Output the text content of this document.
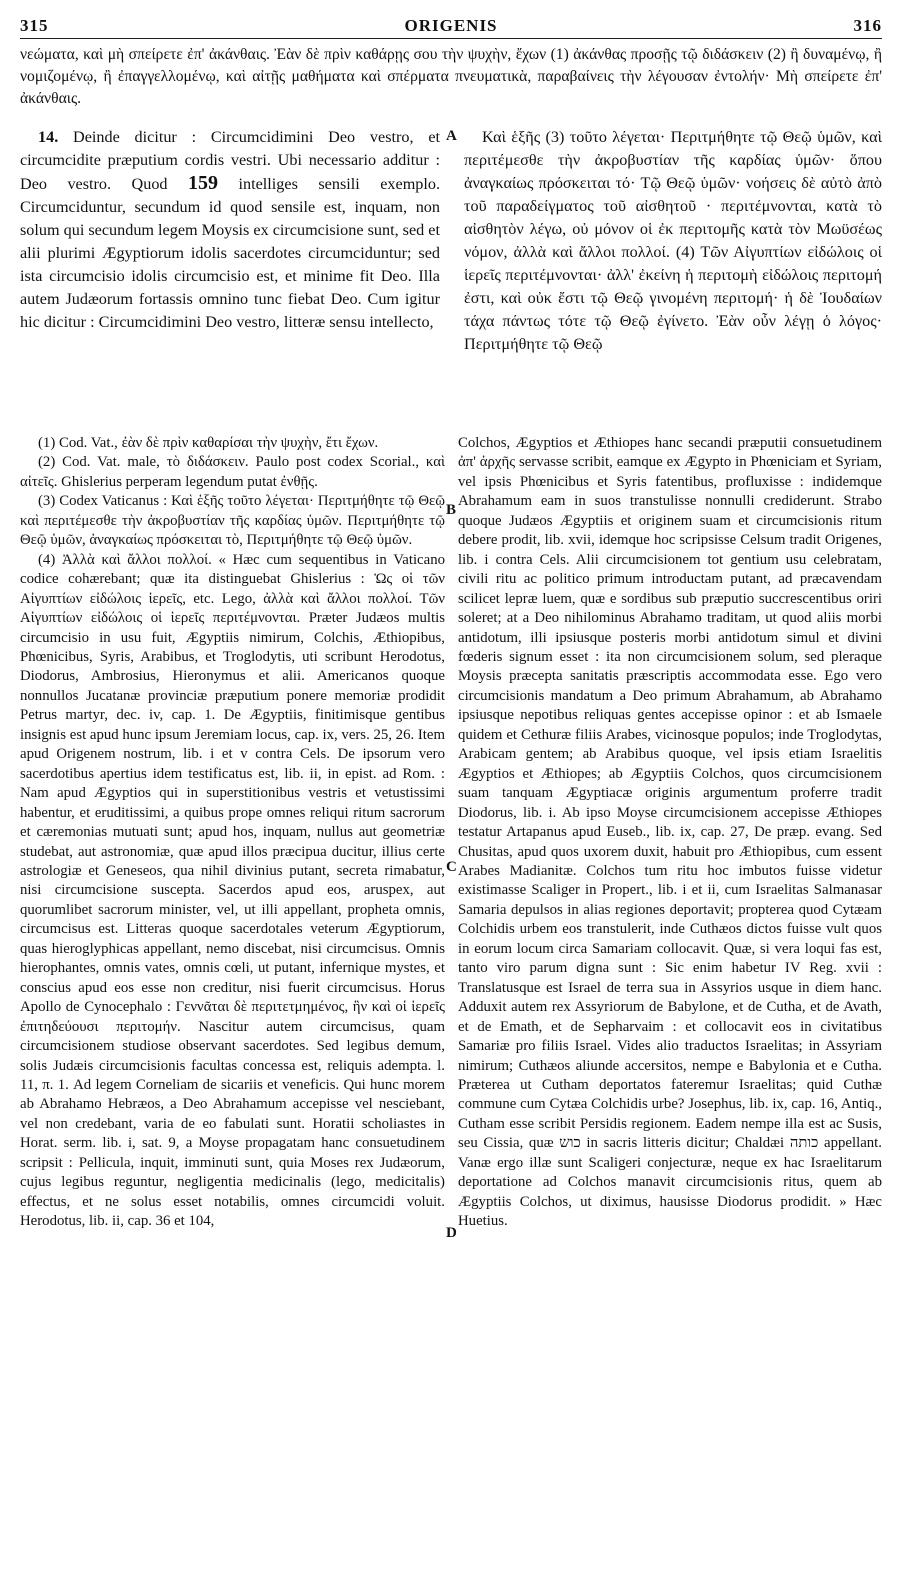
315	ORIGENIS	316

νεώματα, καὶ μὴ σπείρετε ἐπ' ἀκάνθαις. Ἐὰν δὲ πρὶν καθάρῃς σου τὴν ψυχὴν, ἔχων (1) ἀκάνθας προσῇς τῷ διδάσκειν (2) ἢ δυναμένῳ, ἢ νομιζομένῳ, ἢ ἐπαγγελλομένῳ, καὶ αἰτῇς μαθήματα καὶ σπέρματα πνευματικὰ, παραβαίνεις τὴν λέγουσαν ἐντολήν· Μὴ σπείρετε ἐπ' ἀκάνθαις.

14. Deinde dicitur : Circumcidimini Deo vestro, et circumcidite præputium cordis vestri. Ubi necessario additur : Deo vestro. Quod 159 intelliges sensili exemplo. Circumciduntur, secundum id quod sensile est, inquam, non solum qui secundum legem Moysis ex circumcisione sunt, sed et alii plurimi Ægyptiorum idolis sacerdotes circumciduntur; sed ista circumcisio idolis circumcisio est, et minime fit Deo. Illa autem Judæorum fortassis omnino tunc fiebat Deo. Cum igitur hic dicitur : Circumcidimini Deo vestro, litteræ sensu intellecto,

A	Καὶ ἑξῆς (3) τοῦτο λέγεται· Περιτμήθητε τῷ Θεῷ ὑμῶν, καὶ περιτέμεσθε τὴν ἀκροβυστίαν τῆς καρδίας ὑμῶν· ὅπου ἀναγκαίως πρόσκειται τό· Τῷ Θεῷ ὑμῶν· νοήσεις δὲ αὐτὸ ἀπὸ τοῦ παραδείγματος τοῦ αἰσθητοῦ · περιτέμνονται, κατὰ τὸ αἰσθητὸν λέγω, οὐ μόνον οἱ ἐκ περιτομῆς κατὰ τὸν Μωϋσέως νόμον, ἀλλὰ καὶ ἄλλοι πολλοί. (4) Τῶν Αἰγυπτίων εἰδώλοις οἱ ἱερεῖς περιτέμνονται· ἀλλ' ἐκείνη ἡ περιτομὴ εἰδώλοις περιτομή ἐστι, καὶ οὐκ ἔστι τῷ Θεῷ γινομένη περιτομή· ἡ δὲ Ἰουδαίων τάχα πάντως τότε τῷ Θεῷ ἐγίνετο. Ἐὰν οὖν λέγῃ ὁ λόγος· Περιτμήθητε τῷ Θεῷ

(1) Cod. Vat., ἐὰν δὲ πρὶν καθαρίσαι τὴν ψυχὴν, ἔτι ἔχων.

(2) Cod. Vat. male, τὸ διδάσκειν. Paulo post codex Scorial., καὶ αἰτεῖς. Ghislerius perperam legendum putat ἐνθῇς.

(3) Codex Vaticanus : Καὶ ἑξῆς τοῦτο λέγεται· Περιτμήθητε τῷ Θεῷ καὶ περιτέμεσθε τὴν ἀκροβυστίαν τῆς καρδίας ὑμῶν. Περιτμήθητε τῷ Θεῷ ὑμῶν, ἀναγκαίως πρόσκειται τὸ, Περιτμήθητε τῷ Θεῷ ὑμῶν.

(4) Ἀλλὰ καὶ ἄλλοι πολλοί. « Hæc cum sequentibus in Vaticano codice cohærebant; quæ ita distinguebat Ghislerius : Ὡς οἱ τῶν Αἰγυπτίων εἰδώλοις ἱερεῖς, etc. Lego, ἀλλὰ καὶ ἄλλοι πολλοί. Τῶν Αἰγυπτίων εἰδώλοις οἱ ἱερεῖς περιτέμνονται. Præter Judæos multis circumcisio in usu fuit, Ægyptiis nimirum, Colchis, Æthiopibus, Phœnicibus, Syris, Arabibus, et Troglodytis, uti scribunt Herodotus, Diodorus, Ambrosius, Hieronymus et alii. Americanos quoque nonnullos Jucatanæ provinciæ præputium ponere memoriæ prodidit Petrus martyr, dec. iv, cap. 1. De Ægyptiis, finitimisque gentibus insignis est apud hunc ipsum Jeremiam locus, cap. ix, vers. 25, 26. Item apud Origenem nostrum, lib. i et v contra Cels. De ipsorum vero sacerdotibus apertius idem testificatus est, lib. ii, in epist. ad Rom. : Nam apud Ægyptios qui in superstitionibus vestris et vetustissimi habentur, et eruditissimi, a quibus prope omnes reliqui ritum sacrorum et cæremonias mutuati sunt; apud hos, inquam, nullus aut geometriæ studebat, aut astronomiæ, quæ apud illos præcipua ducitur, illius certe astrologiæ et Geneseos, qua nihil divinius putant, secreta rimabatur, nisi circumcisione suscepta. Sacerdos apud eos, aruspex, aut quorumlibet sacrorum minister, vel, ut illi appellant, propheta omnis, circumcisus est. Litteras quoque sacerdotales veterum Ægyptiorum, quas hieroglyphicas appellant, nemo discebat, nisi circumcisus. Omnis hierophantes, omnis vates, omnis cœli, ut putant, infernique mystes, et conscius apud eos esse non creditur, nisi fuerit circumcisus. Horus Apollo de Cynocephalo : Γεννᾶται δὲ περιτετμημένος, ἣν καὶ οἱ ἱερεῖς ἐπιτηδεύουσι περιτομήν. Nascitur autem circumcisus, quam circumcisionem studiose observant sacerdotes. Sed legibus demum, solis Judæis circumcisionis facultas concessa est, reliquis adempta. l. 11, π. 1. Ad legem Corneliam de sicariis et veneficis. Qui hunc morem ab Abrahamo Hebræos, a Deo Abrahamum accepisse vel nesciebant, vel non credebant, varia de eo fabulati sunt. Horatii scholiastes in Horat. serm. lib. i, sat. 9, a Moyse propagatam hanc consuetudinem scripsit : Pellicula, inquit, imminuti sunt, quia Moses rex Judæorum, cujus legibus reguntur, negligentia medicinalis (lego, medicitalis) effectus, et ne solus esset notabilis, omnes circumcidi voluit. Herodotus, lib. ii, cap. 36 et 104,

B
C
D

Colchos, Ægyptios et Æthiopes hanc secandi præputii consuetudinem ἀπ' ἀρχῆς servasse scribit, eamque ex Ægypto in Phœniciam et Syriam, vel ipsis Phœnicibus et Syris fatentibus, profluxisse : indidemque Abrahamum eam in suos transtulisse nonnulli crediderunt. Strabo quoque Judæos Ægyptiis et originem suam et circumcisionis ritum debere prodit, lib. xvii, idemque hoc scripsisse Celsum tradit Origenes, lib. i contra Cels. Alii circumcisionem tot gentium usu celebratam, civili ritu ac politico primum introductam putant, ad præcavendam scilicet lepræ luem, quæ e sordibus sub præputio succrescentibus oriri soleret; at a Deo nihilominus Abrahamo traditam, ut quod aliis morbi antidotum, illi ipsiusque posteris morbi antidotum simul et divini fœderis signum esset : ita non circumcisionem solum, sed pleraque Moysis præcepta sanitatis præscriptis accommodata esse. Ego vero circumcisionis mandatum a Deo primum Abrahamum, ab Abrahamo ipsiusque nepotibus reliquas gentes accepisse opinor : et ab Ismaele quidem et Cethuræ filiis Arabes, vicinosque populos; inde Troglodytas, Arabicam gentem; ab Arabibus quoque, vel ipsis etiam Israelitis Ægyptios et Æthiopes; ab Ægyptiis Colchos, quos circumcisionem suam tanquam Ægyptiacæ originis argumentum proferre tradit Diodorus, lib. i. Ab ipso Moyse circumcisionem accepisse Æthiopes testatur Artapanus apud Euseb., lib. ix, cap. 27, De præp. evang. Sed Chusitas, apud quos uxorem duxit, habuit pro Æthiopibus, cum essent Arabes Madianitæ. Colchos tum ritu hoc imbutos fuisse videtur existimasse Scaliger in Propert., lib. i et ii, cum Israelitas Salmanasar Samaria depulsos in alias regiones deportavit; propterea quod Cytæam Colchidis urbem eos transtulerit, inde Cuthæos dictos fuisse vult quos in eorum locum circa Samariam collocavit. Quæ, si vera loqui fas est, tanto viro parum digna sunt : Sic enim habetur IV Reg. xvii : Translatusque est Israel de terra sua in Assyrios usque in diem hanc. Adduxit autem rex Assyriorum de Babylone, et de Cutha, et de Avath, et de Emath, et de Sepharvaim : et collocavit eos in civitatibus Samariæ pro filiis Israel. Vides alio traductos Israelitas; in Assyriam nimirum; Cuthæos aliunde accersitos, nempe e Babylonia et e Cutha. Præterea ut Cutham deportatos fateremur Israelitas; quid Cuthæ commune cum Cytæa Colchidis urbe? Josephus, lib. ix, cap. 16, Antiq., Cutham esse scribit Persidis regionem. Eadem nempe illa est ac Susis, seu Cissia, quæ כוש in sacris litteris dicitur; Chaldæi כותה appellant. Vanæ ergo illæ sunt Scaligeri conjecturæ, neque ex hac Israelitarum deportatione ad Colchos manavit circumcisionis ritus, quem ab Ægyptiis Colchos, ut diximus, hausisse Diodorus prodidit. » Hæc Huetius.
